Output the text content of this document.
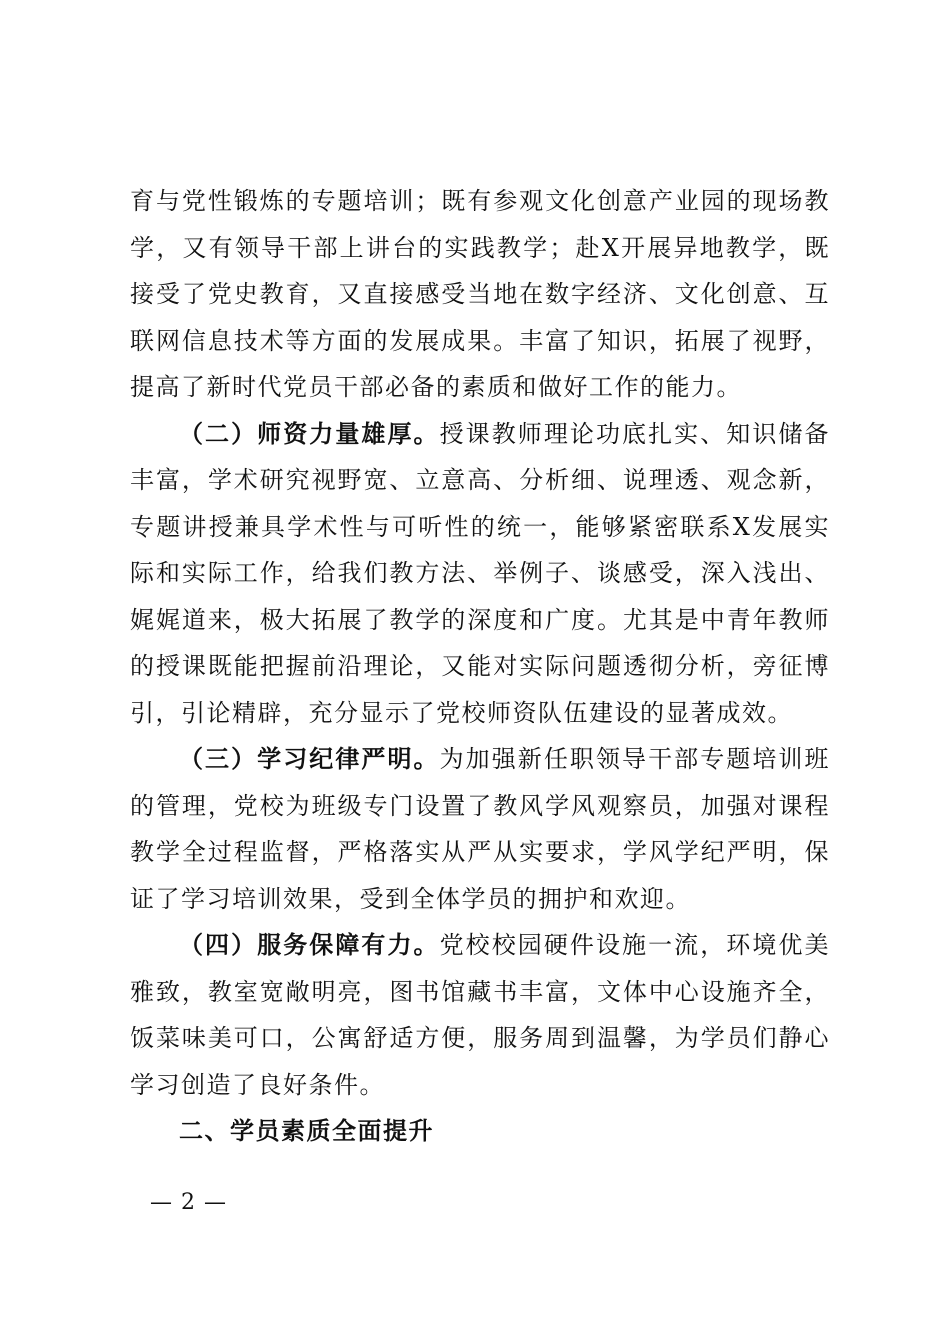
育与党性锻炼的专题培训；既有参观文化创意产业园的现场教学，又有领导干部上讲台的实践教学；赴X开展异地教学，既接受了党史教育，又直接感受当地在数字经济、文化创意、互联网信息技术等方面的发展成果。丰富了知识，拓展了视野，提高了新时代党员干部必备的素质和做好工作的能力。

（二）师资力量雄厚。授课教师理论功底扎实、知识储备丰富，学术研究视野宽、立意高、分析细、说理透、观念新，专题讲授兼具学术性与可听性的统一，能够紧密联系X发展实际和实际工作，给我们教方法、举例子、谈感受，深入浅出、娓娓道来，极大拓展了教学的深度和广度。尤其是中青年教师的授课既能把握前沿理论，又能对实际问题透彻分析，旁征博引，引论精辟，充分显示了党校师资队伍建设的显著成效。

（三）学习纪律严明。为加强新任职领导干部专题培训班的管理，党校为班级专门设置了教风学风观察员，加强对课程教学全过程监督，严格落实从严从实要求，学风学纪严明，保证了学习培训效果，受到全体学员的拥护和欢迎。

（四）服务保障有力。党校校园硬件设施一流，环境优美雅致，教室宽敞明亮，图书馆藏书丰富，文体中心设施齐全，饭菜味美可口，公寓舒适方便，服务周到温馨，为学员们静心学习创造了良好条件。

二、学员素质全面提升

— 2 —
